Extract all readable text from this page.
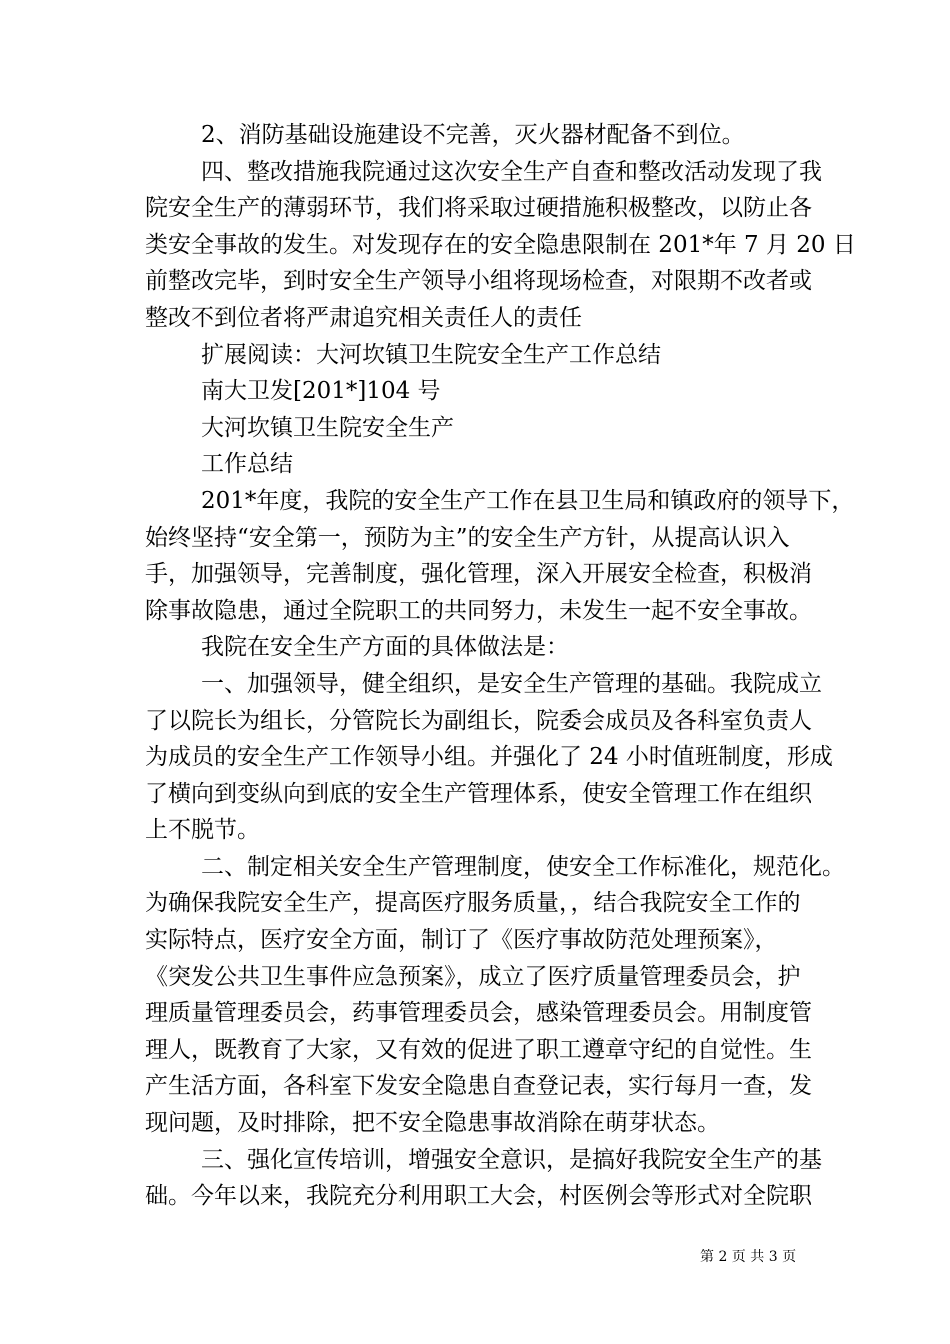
2、消防基础设施建设不完善，灭火器材配备不到位。
四、整改措施我院通过这次安全生产自查和整改活动发现了我
院安全生产的薄弱环节，我们将采取过硬措施积极整改，以防止各
类安全事故的发生。对发现存在的安全隐患限制在 201*年 7 月 20 日
前整改完毕，到时安全生产领导小组将现场检查，对限期不改者或
整改不到位者将严肃追究相关责任人的责任
扩展阅读：大河坎镇卫生院安全生产工作总结
南大卫发[201*]104 号
大河坎镇卫生院安全生产
工作总结
201*年度，我院的安全生产工作在县卫生局和镇政府的领导下，
始终坚持“安全第一，预防为主”的安全生产方针，从提高认识入
手，加强领导，完善制度，强化管理，深入开展安全检查，积极消
除事故隐患，通过全院职工的共同努力，未发生一起不安全事故。
我院在安全生产方面的具体做法是：
一、加强领导，健全组织，是安全生产管理的基础。我院成立
了以院长为组长，分管院长为副组长，院委会成员及各科室负责人
为成员的安全生产工作领导小组。并强化了 24 小时值班制度，形成
了横向到变纵向到底的安全生产管理体系，使安全管理工作在组织
上不脱节。
二、制定相关安全生产管理制度，使安全工作标准化，规范化。
为确保我院安全生产，提高医疗服务质量，，结合我院安全工作的
实际特点，医疗安全方面，制订了《医疗事故防范处理预案》，
《突发公共卫生事件应急预案》，成立了医疗质量管理委员会，护
理质量管理委员会，药事管理委员会，感染管理委员会。用制度管
理人，既教育了大家，又有效的促进了职工遵章守纪的自觉性。生
产生活方面，各科室下发安全隐患自查登记表，实行每月一查，发
现问题，及时排除，把不安全隐患事故消除在萌芽状态。
三、强化宣传培训，增强安全意识，是搞好我院安全生产的基
础。今年以来，我院充分利用职工大会，村医例会等形式对全院职
第 2 页 共 3 页
